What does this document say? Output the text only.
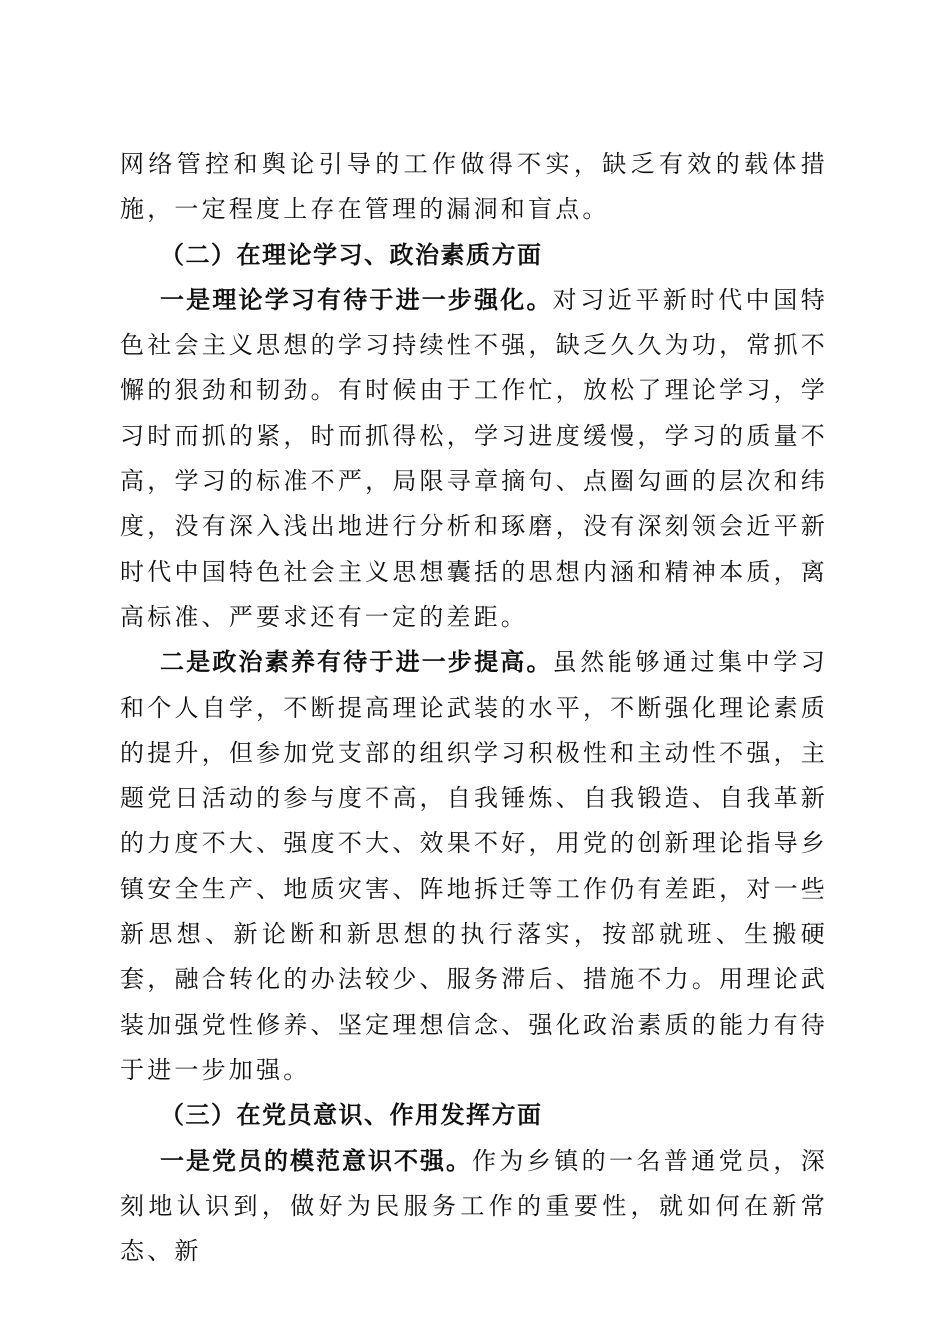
网络管控和舆论引导的工作做得不实，缺乏有效的载体措施，一定程度上存在管理的漏洞和盲点。

（二）在理论学习、政治素质方面

一是理论学习有待于进一步强化。对习近平新时代中国特色社会主义思想的学习持续性不强，缺乏久久为功，常抓不懈的狠劲和韧劲。有时候由于工作忙，放松了理论学习，学习时而抓的紧，时而抓得松，学习进度缓慢，学习的质量不高，学习的标准不严，局限寻章摘句、点圈勾画的层次和纬度，没有深入浅出地进行分析和琢磨，没有深刻领会近平新时代中国特色社会主义思想囊括的思想内涵和精神本质，离高标准、严要求还有一定的差距。

二是政治素养有待于进一步提高。虽然能够通过集中学习和个人自学，不断提高理论武装的水平，不断强化理论素质的提升，但参加党支部的组织学习积极性和主动性不强，主题党日活动的参与度不高，自我锤炼、自我锻造、自我革新的力度不大、强度不大、效果不好，用党的创新理论指导乡镇安全生产、地质灾害、阵地拆迁等工作仍有差距，对一些新思想、新论断和新思想的执行落实，按部就班、生搬硬套，融合转化的办法较少、服务滞后、措施不力。用理论武装加强党性修养、坚定理想信念、强化政治素质的能力有待于进一步加强。

（三）在党员意识、作用发挥方面

一是党员的模范意识不强。作为乡镇的一名普通党员，深刻地认识到，做好为民服务工作的重要性，就如何在新常态、新
